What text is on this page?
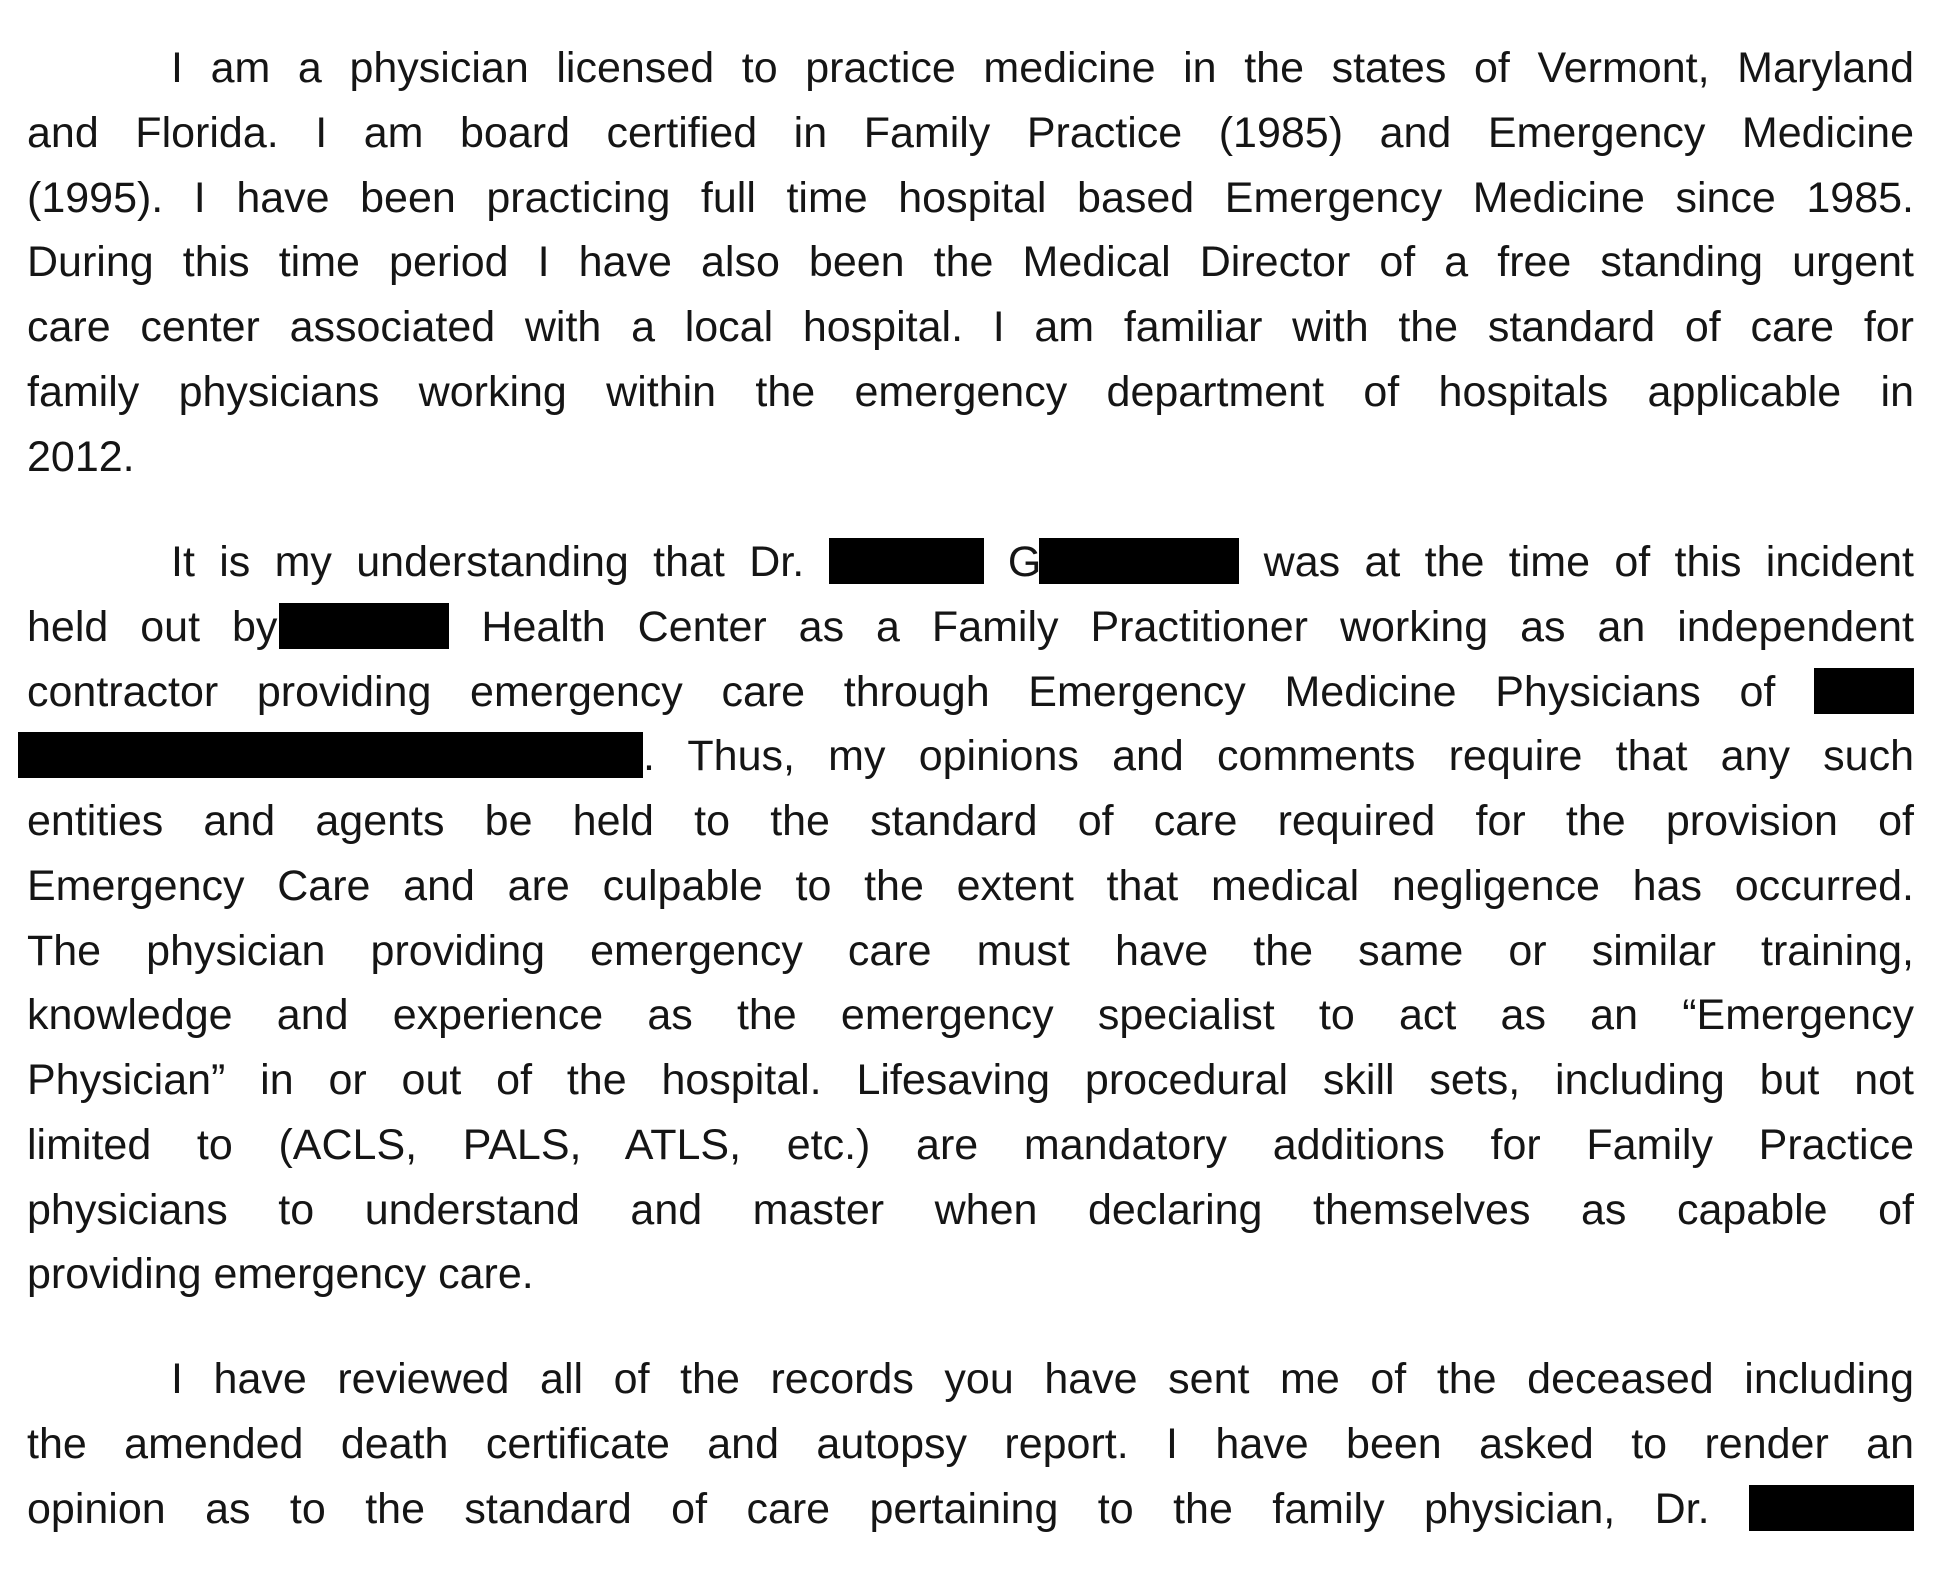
I am a physician licensed to practice medicine in the states of Vermont, Maryland
and Florida. I am board certified in Family Practice (1985) and Emergency Medicine
(1995). I have been practicing full time hospital based Emergency Medicine since 1985.
During this time period I have also been the Medical Director of a free standing urgent
care center associated with a local hospital. I am familiar with the standard of care for
family physicians working within the emergency department of hospitals applicable in
2012.
It is my understanding that Dr.	G	was at the time of this incident
held out by	Health Center as a Family Practitioner working as an independent
contractor providing emergency care through Emergency Medicine Physicians of
. Thus, my opinions and comments require that any such
entities and agents be held to the standard of care required for the provision of
Emergency Care and are culpable to the extent that medical negligence has occurred.
The physician providing emergency care must have the same or similar training,
knowledge and experience as the emergency specialist to act as an “Emergency
Physician” in or out of the hospital. Lifesaving procedural skill sets, including but not
limited to (ACLS, PALS, ATLS, etc.) are mandatory additions for Family Practice
physicians to understand and master when declaring themselves as capable of
providing emergency care.
I have reviewed all of the records you have sent me of the deceased including
the amended death certificate and autopsy report. I have been asked to render an
opinion as to the standard of care pertaining to the family physician, Dr.
